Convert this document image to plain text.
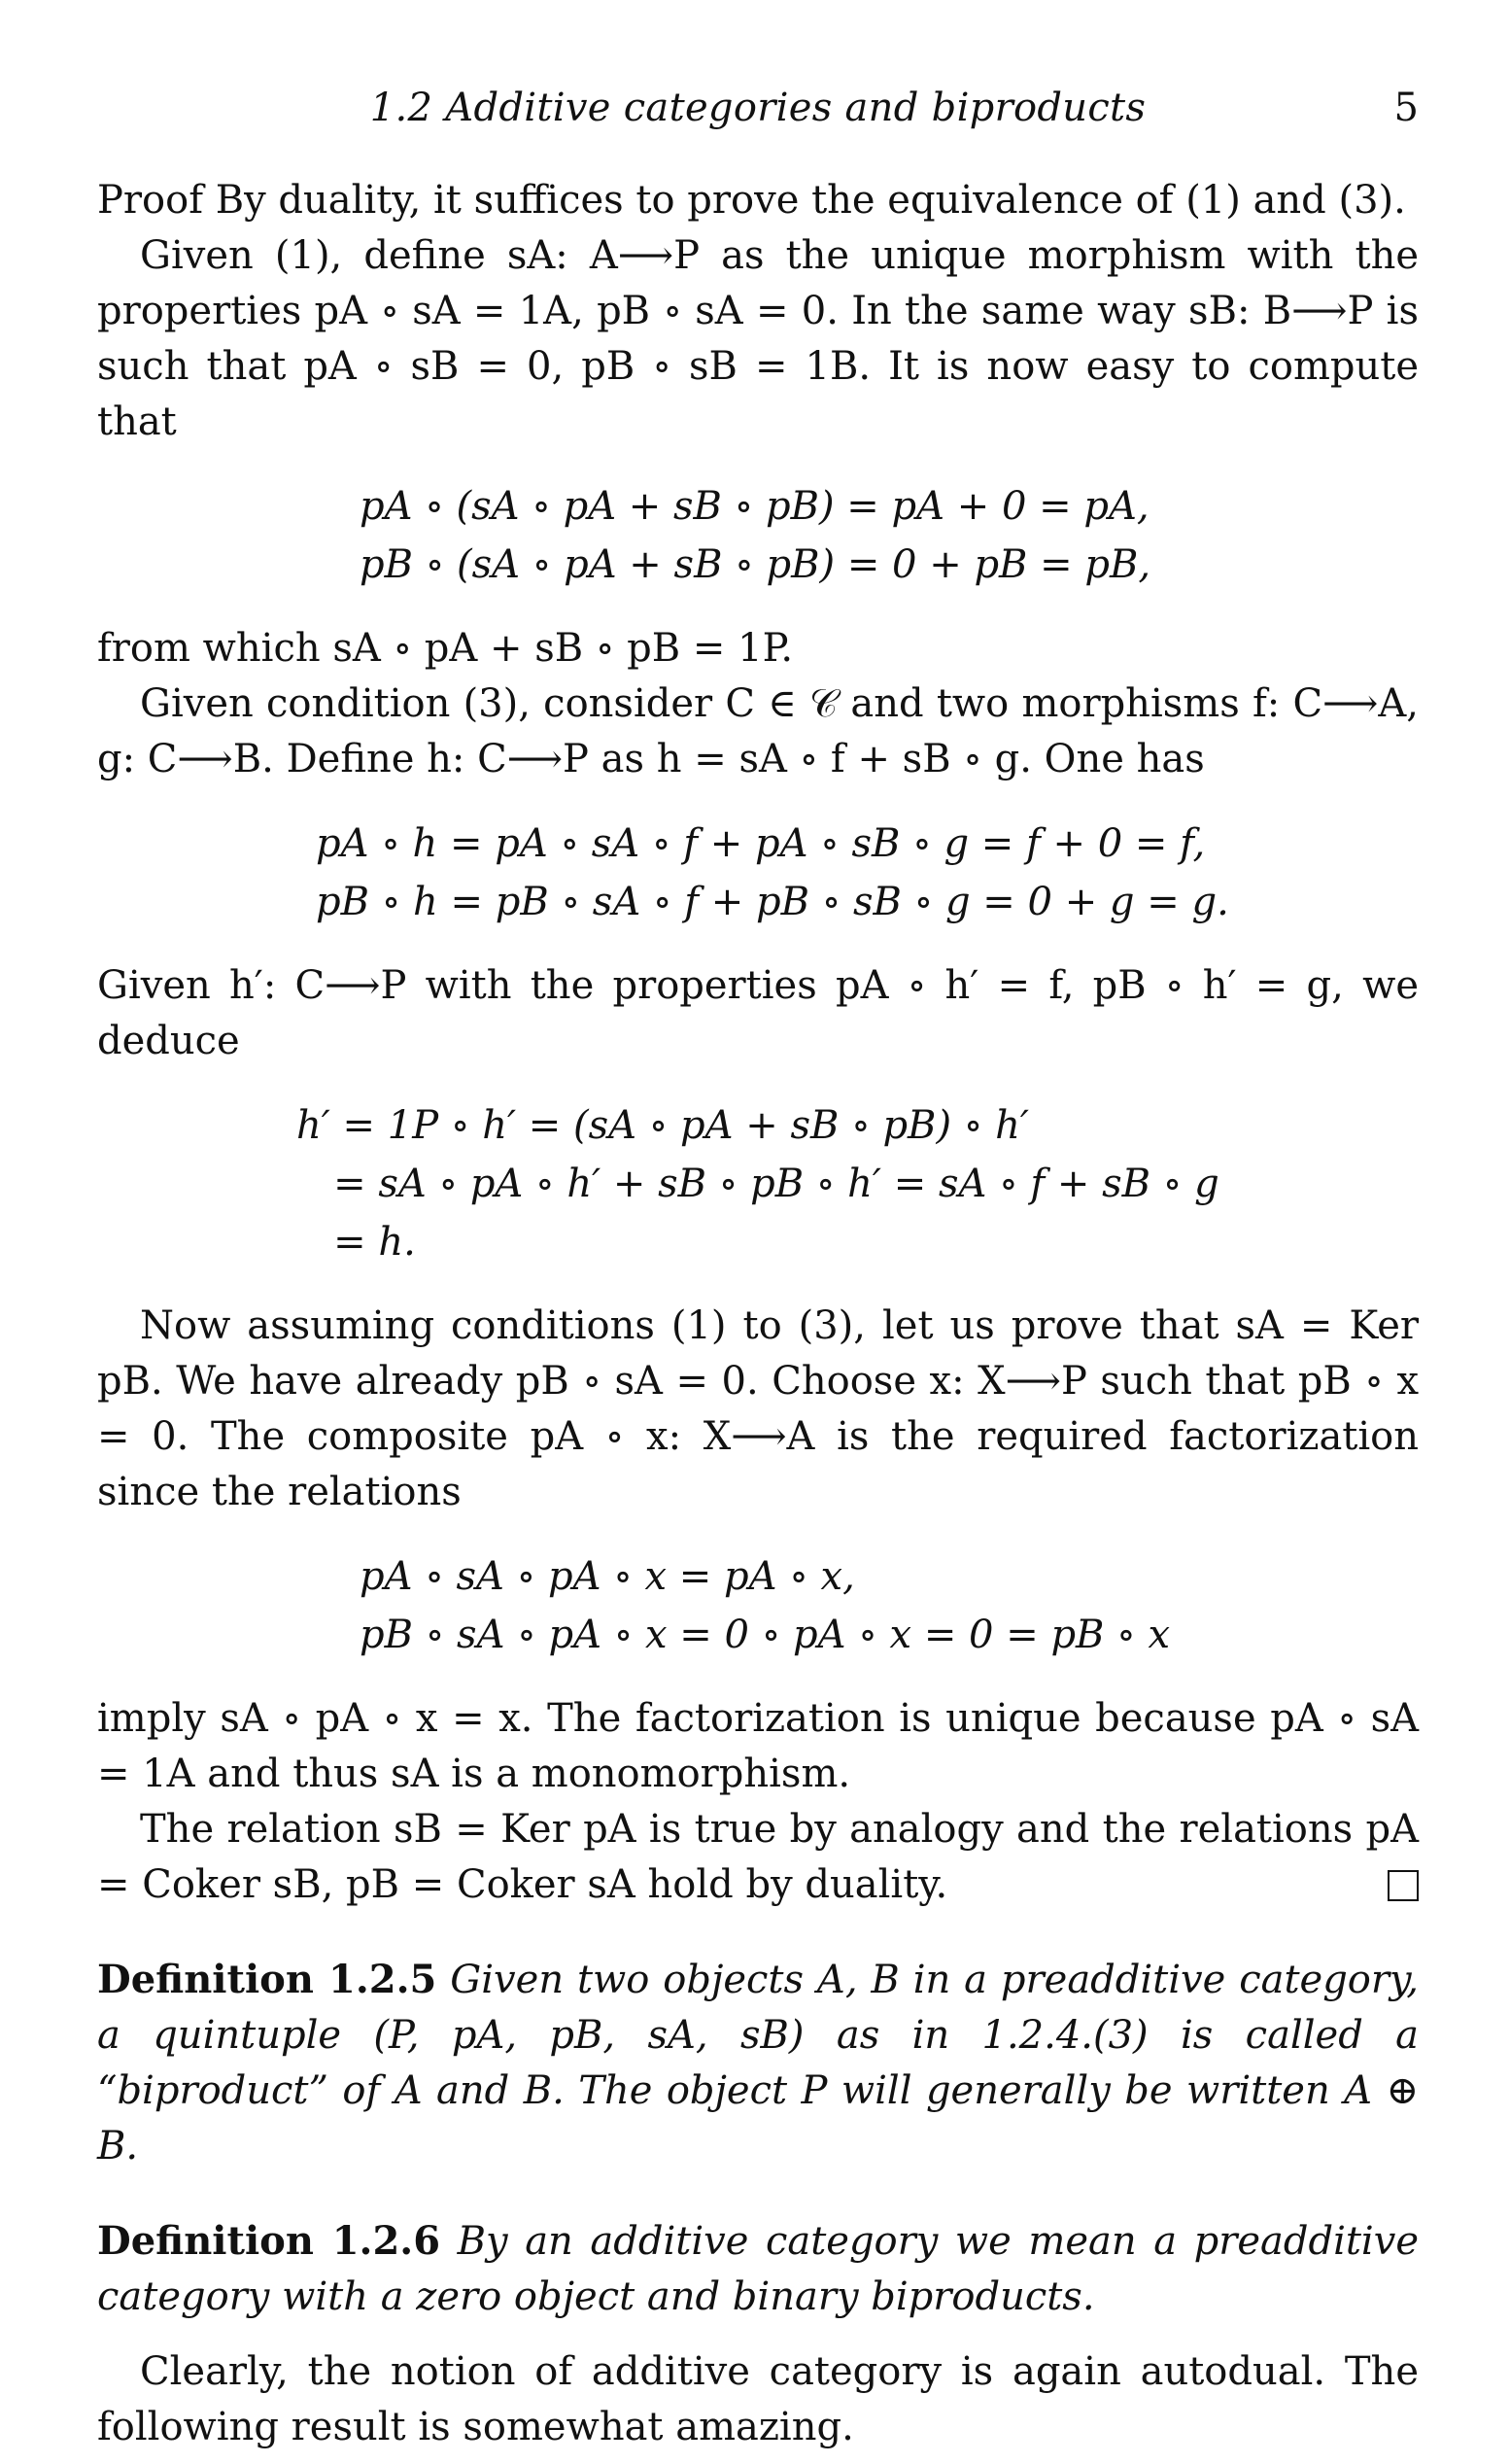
1.2 Additive categories and biproducts	5

Proof By duality, it suffices to prove the equivalence of (1) and (3).

Given (1), define sA: A⟶P as the unique morphism with the properties pA ∘ sA = 1A, pB ∘ sA = 0. In the same way sB: B⟶P is such that pA ∘ sB = 0, pB ∘ sB = 1B. It is now easy to compute that

pA ∘ (sA ∘ pA + sB ∘ pB) = pA + 0 = pA,
pB ∘ (sA ∘ pA + sB ∘ pB) = 0 + pB = pB,

from which sA ∘ pA + sB ∘ pB = 1P.

Given condition (3), consider C ∈ 𝒞 and two morphisms f: C⟶A, g: C⟶B. Define h: C⟶P as h = sA ∘ f + sB ∘ g. One has

pA ∘ h = pA ∘ sA ∘ f + pA ∘ sB ∘ g = f + 0 = f,
pB ∘ h = pB ∘ sA ∘ f + pB ∘ sB ∘ g = 0 + g = g.

Given h′: C⟶P with the properties pA ∘ h′ = f, pB ∘ h′ = g, we deduce

h′ = 1P ∘ h′ = (sA ∘ pA + sB ∘ pB) ∘ h′
= sA ∘ pA ∘ h′ + sB ∘ pB ∘ h′ = sA ∘ f + sB ∘ g
= h.

Now assuming conditions (1) to (3), let us prove that sA = Ker pB. We have already pB ∘ sA = 0. Choose x: X⟶P such that pB ∘ x = 0. The composite pA ∘ x: X⟶A is the required factorization since the relations

pA ∘ sA ∘ pA ∘ x = pA ∘ x,
pB ∘ sA ∘ pA ∘ x = 0 ∘ pA ∘ x = 0 = pB ∘ x

imply sA ∘ pA ∘ x = x. The factorization is unique because pA ∘ sA = 1A and thus sA is a monomorphism.

The relation sB = Ker pA is true by analogy and the relations pA = Coker sB, pB = Coker sA hold by duality.

Definition 1.2.5 Given two objects A, B in a preadditive category, a quintuple (P, pA, pB, sA, sB) as in 1.2.4.(3) is called a “biproduct” of A and B. The object P will generally be written A ⊕ B.

Definition 1.2.6 By an additive category we mean a preadditive category with a zero object and binary biproducts.

Clearly, the notion of additive category is again autodual. The following result is somewhat amazing.
